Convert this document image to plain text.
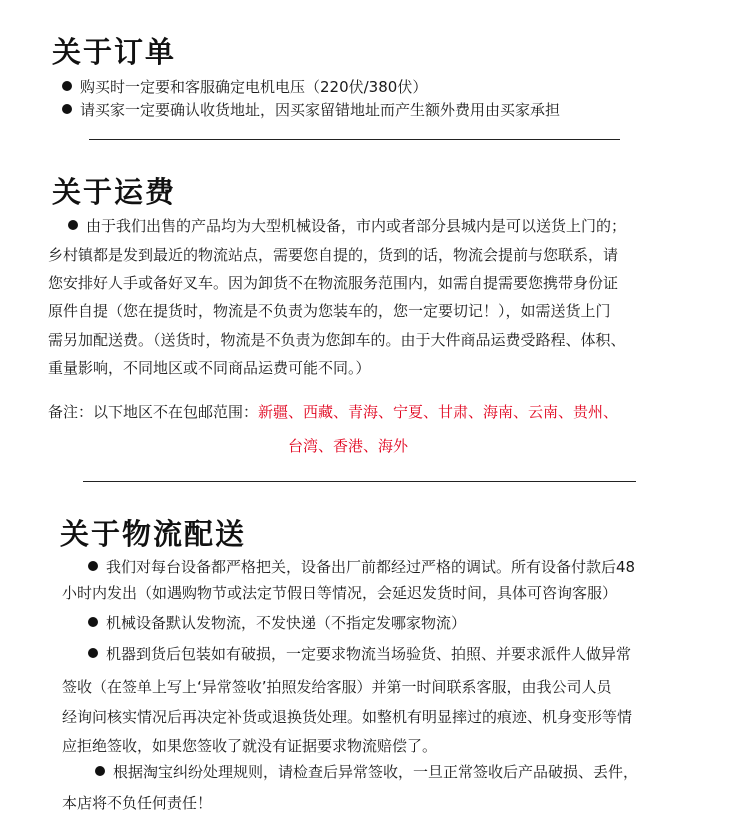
关于订单
购买时一定要和客服确定电机电压（220伏/380伏）
请买家一定要确认收货地址，因买家留错地址而产生额外费用由买家承担
关于运费
由于我们出售的产品均为大型机械设备，市内或者部分县城内是可以送货上门的；
乡村镇都是发到最近的物流站点，需要您自提的，货到的话，物流会提前与您联系，请
您安排好人手或备好叉车。因为卸货不在物流服务范围内，如需自提需要您携带身份证
原件自提（您在提货时，物流是不负责为您装车的，您一定要切记！），如需送货上门
需另加配送费。（送货时，物流是不负责为您卸车的。由于大件商品运费受路程、体积、
重量影响，不同地区或不同商品运费可能不同。）
备注：以下地区不在包邮范围：新疆、西藏、青海、宁夏、甘肃、海南、云南、贵州、
台湾、香港、海外
关于物流配送
我们对每台设备都严格把关，设备出厂前都经过严格的调试。所有设备付款后48
小时内发出（如遇购物节或法定节假日等情况，会延迟发货时间，具体可咨询客服）
机械设备默认发物流，不发快递（不指定发哪家物流）
机器到货后包装如有破损，一定要求物流当场验货、拍照、并要求派件人做异常
签收（在签单上写上‘异常签收’拍照发给客服）并第一时间联系客服，由我公司人员
经询问核实情况后再决定补货或退换货处理。如整机有明显摔过的痕迹、机身变形等情
应拒绝签收，如果您签收了就没有证据要求物流赔偿了。
根据淘宝纠纷处理规则，请检查后异常签收，一旦正常签收后产品破损、丢件，
本店将不负任何责任！
